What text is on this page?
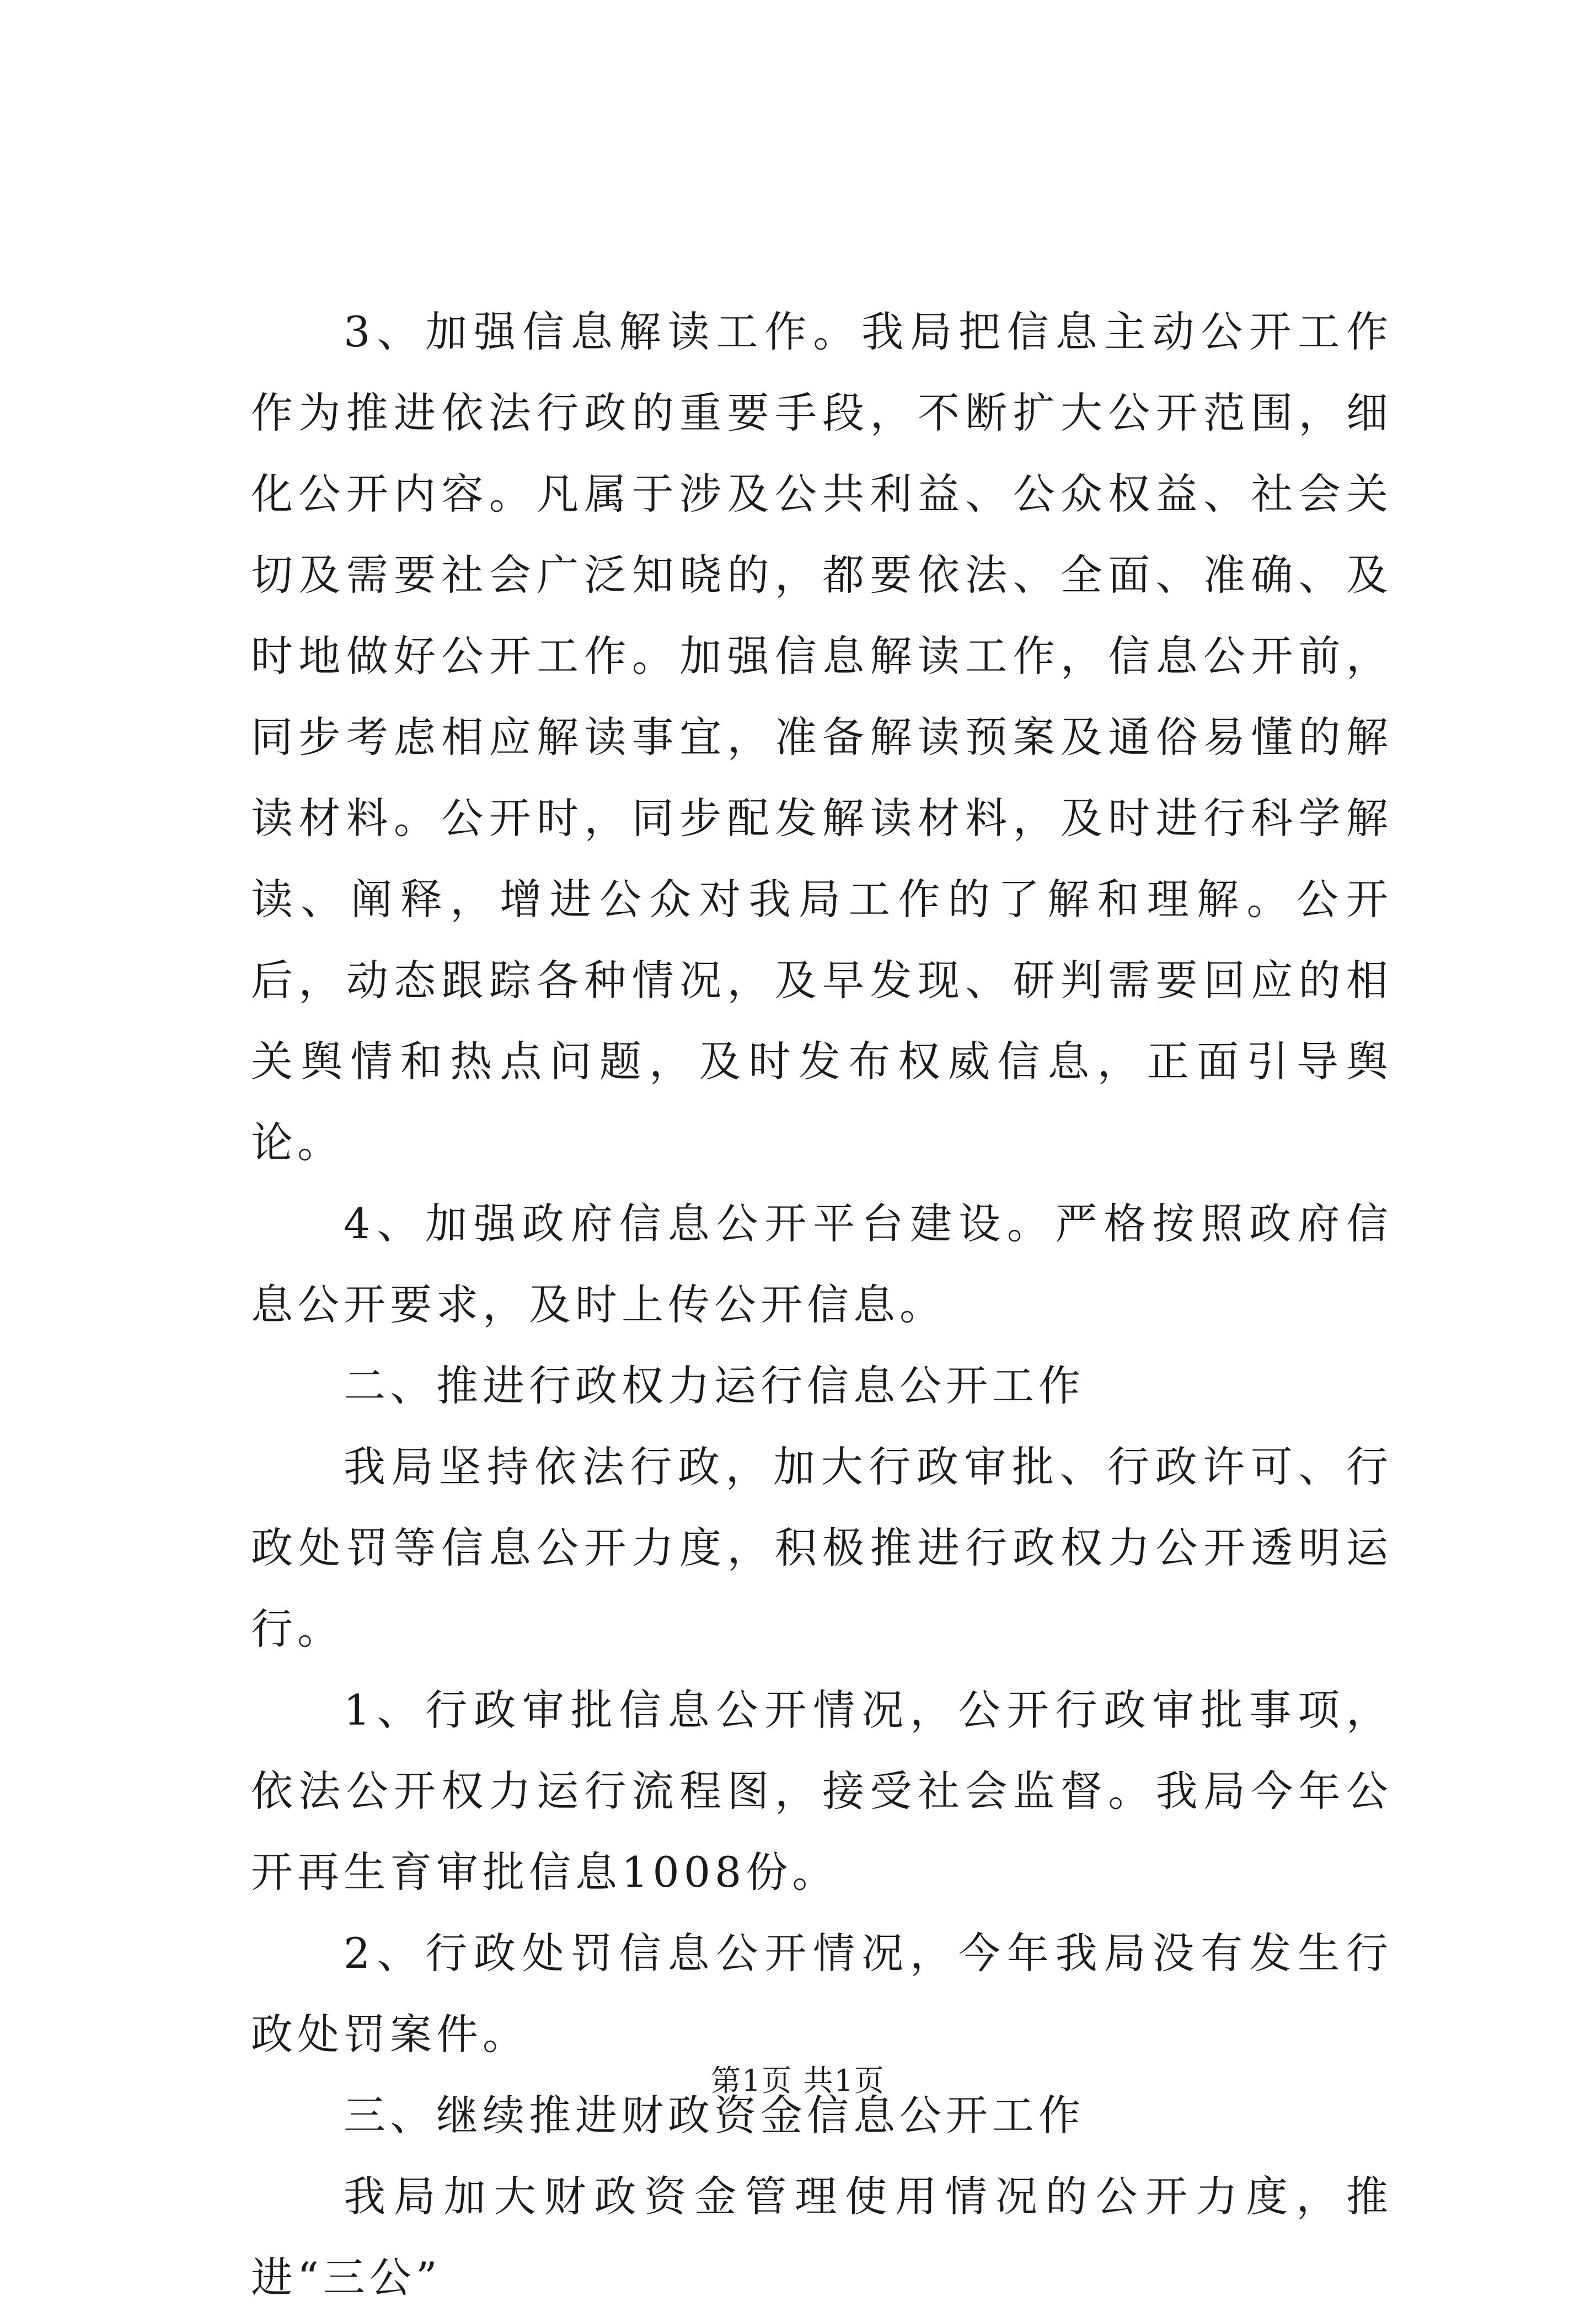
3、加强信息解读工作。我局把信息主动公开工作作为推进依法行政的重要手段，不断扩大公开范围，细化公开内容。凡属于涉及公共利益、公众权益、社会关切及需要社会广泛知晓的，都要依法、全面、准确、及时地做好公开工作。加强信息解读工作，信息公开前，同步考虑相应解读事宜，准备解读预案及通俗易懂的解读材料。公开时，同步配发解读材料，及时进行科学解读、阐释，增进公众对我局工作的了解和理解。公开后，动态跟踪各种情况，及早发现、研判需要回应的相关舆情和热点问题，及时发布权威信息，正面引导舆论。

4、加强政府信息公开平台建设。严格按照政府信息公开要求，及时上传公开信息。

二、推进行政权力运行信息公开工作

我局坚持依法行政，加大行政审批、行政许可、行政处罚等信息公开力度，积极推进行政权力公开透明运行。

1、行政审批信息公开情况，公开行政审批事项，依法公开权力运行流程图，接受社会监督。我局今年公开再生育审批信息1008份。

2、行政处罚信息公开情况，今年我局没有发生行政处罚案件。

三、继续推进财政资金信息公开工作

我局加大财政资金管理使用情况的公开力度，推进“三公”

第1页 共1页
